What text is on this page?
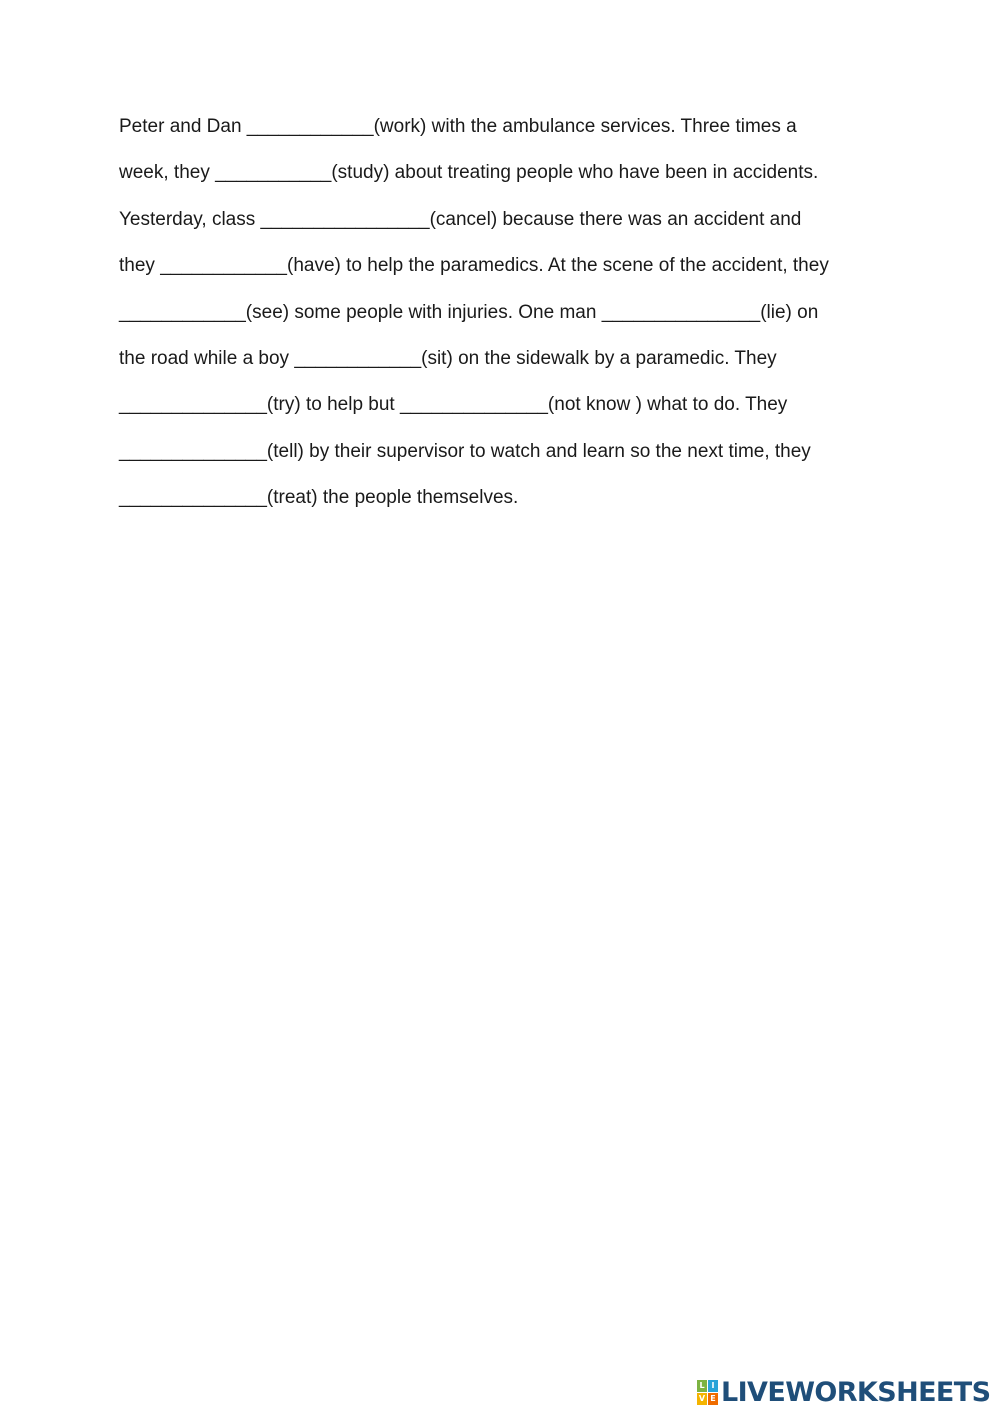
Peter and Dan ____________(work) with the ambulance services. Three times a
week, they ___________(study) about treating people who have been in accidents.
Yesterday, class ________________(cancel) because there was an accident and
they ____________(have) to help the paramedics. At the scene of the accident, they
____________(see) some people with injuries. One man _______________(lie) on
the road while a boy ____________(sit) on the sidewalk by a paramedic. They
______________(try) to help but ______________(not know ) what to do. They
______________(tell) by their supervisor to watch and learn so the next time, they
______________(treat) the people themselves.
L I
V E LIVEWORKSHEETS
